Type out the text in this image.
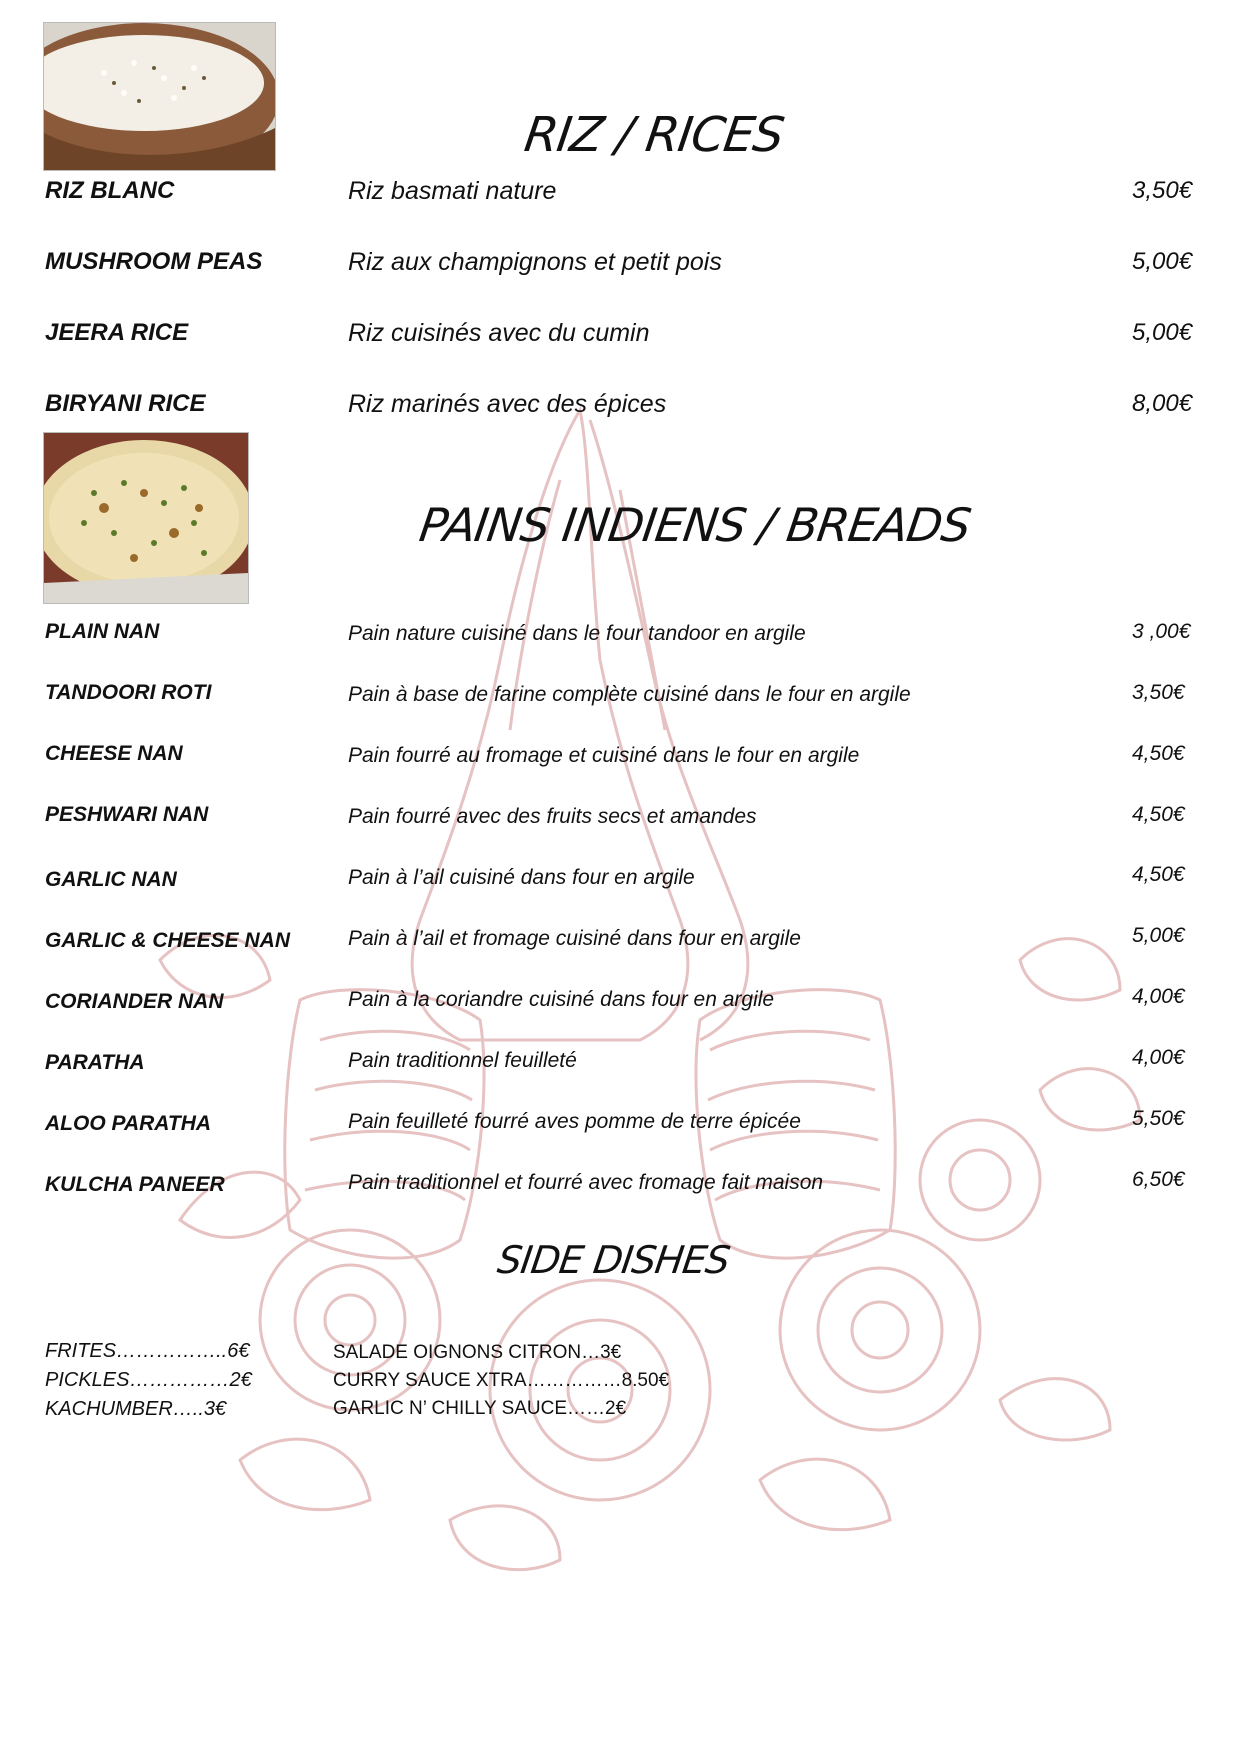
RIZ / RICES
RIZ BLANC	Riz basmati nature	3,50€
MUSHROOM PEAS	Riz aux champignons et petit pois	5,00€
JEERA RICE	Riz cuisinés avec du cumin	5,00€
BIRYANI RICE	Riz marinés avec des épices	8,00€
PAINS INDIENS / BREADS
PLAIN NAN	Pain nature cuisiné dans le four tandoor en argile	3 ,00€
TANDOORI ROTI	Pain à base de farine complète cuisiné dans le four en argile	3,50€
CHEESE NAN	Pain fourré au fromage et cuisiné dans le four en argile	4,50€
PESHWARI NAN	Pain fourré avec des fruits secs et amandes	4,50€
GARLIC NAN	Pain à l’ail cuisiné dans four en argile	4,50€
GARLIC & CHEESE NAN	Pain à l’ail et fromage cuisiné dans four en argile	5,00€
CORIANDER NAN	Pain à la coriandre cuisiné dans four en argile	4,00€
PARATHA	Pain traditionnel feuilleté	4,00€
ALOO PARATHA	Pain feuilleté fourré aves pomme de terre épicée	5,50€
KULCHA PANEER	Pain traditionnel et fourré avec fromage fait maison	6,50€
SIDE DISHES
FRITES……………..6€
PICKLES……………2€
KACHUMBER…..3€
SALADE OIGNONS CITRON…3€
CURRY SAUCE XTRA……………8.50€
GARLIC N’ CHILLY SAUCE……2€
